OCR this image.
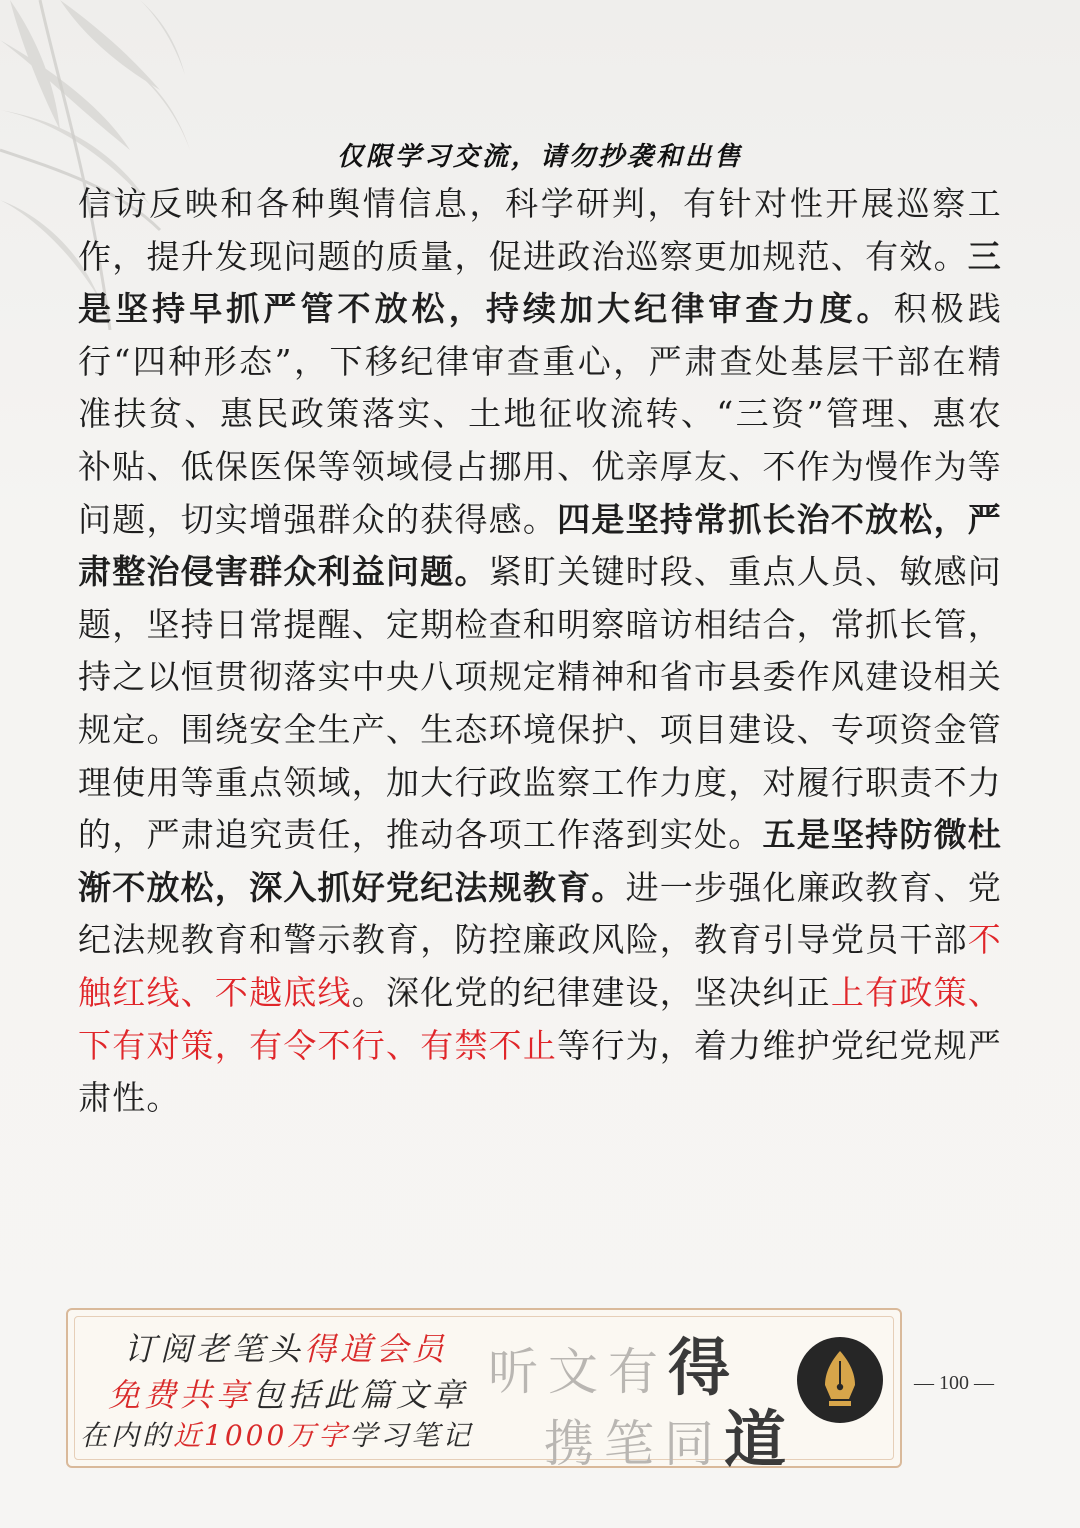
仅限学习交流，请勿抄袭和出售
信访反映和各种舆情信息，科学研判，有针对性开展巡察工作，提升发现问题的质量，促进政治巡察更加规范、有效。三是坚持早抓严管不放松，持续加大纪律审查力度。积极践行“四种形态”，下移纪律审查重心，严肃查处基层干部在精准扶贫、惠民政策落实、土地征收流转、“三资”管理、惠农补贴、低保医保等领域侵占挪用、优亲厚友、不作为慢作为等问题，切实增强群众的获得感。四是坚持常抓长治不放松，严肃整治侵害群众利益问题。紧盯关键时段、重点人员、敏感问题，坚持日常提醒、定期检查和明察暗访相结合，常抓长管，持之以恒贯彻落实中央八项规定精神和省市县委作风建设相关规定。围绕安全生产、生态环境保护、项目建设、专项资金管理使用等重点领域，加大行政监察工作力度，对履行职责不力的，严肃追究责任，推动各项工作落到实处。五是坚持防微杜渐不放松，深入抓好党纪法规教育。进一步强化廉政教育、党纪法规教育和警示教育，防控廉政风险，教育引导党员干部不触红线、不越底线。深化党的纪律建设，坚决纠正上有政策、下有对策，有令不行、有禁不止等行为，着力维护党纪党规严肃性。
订阅老笔头得道会员
免费共享包括此篇文章
在内的近1000万字学习笔记
听文有得
携笔同道
— 100 —
